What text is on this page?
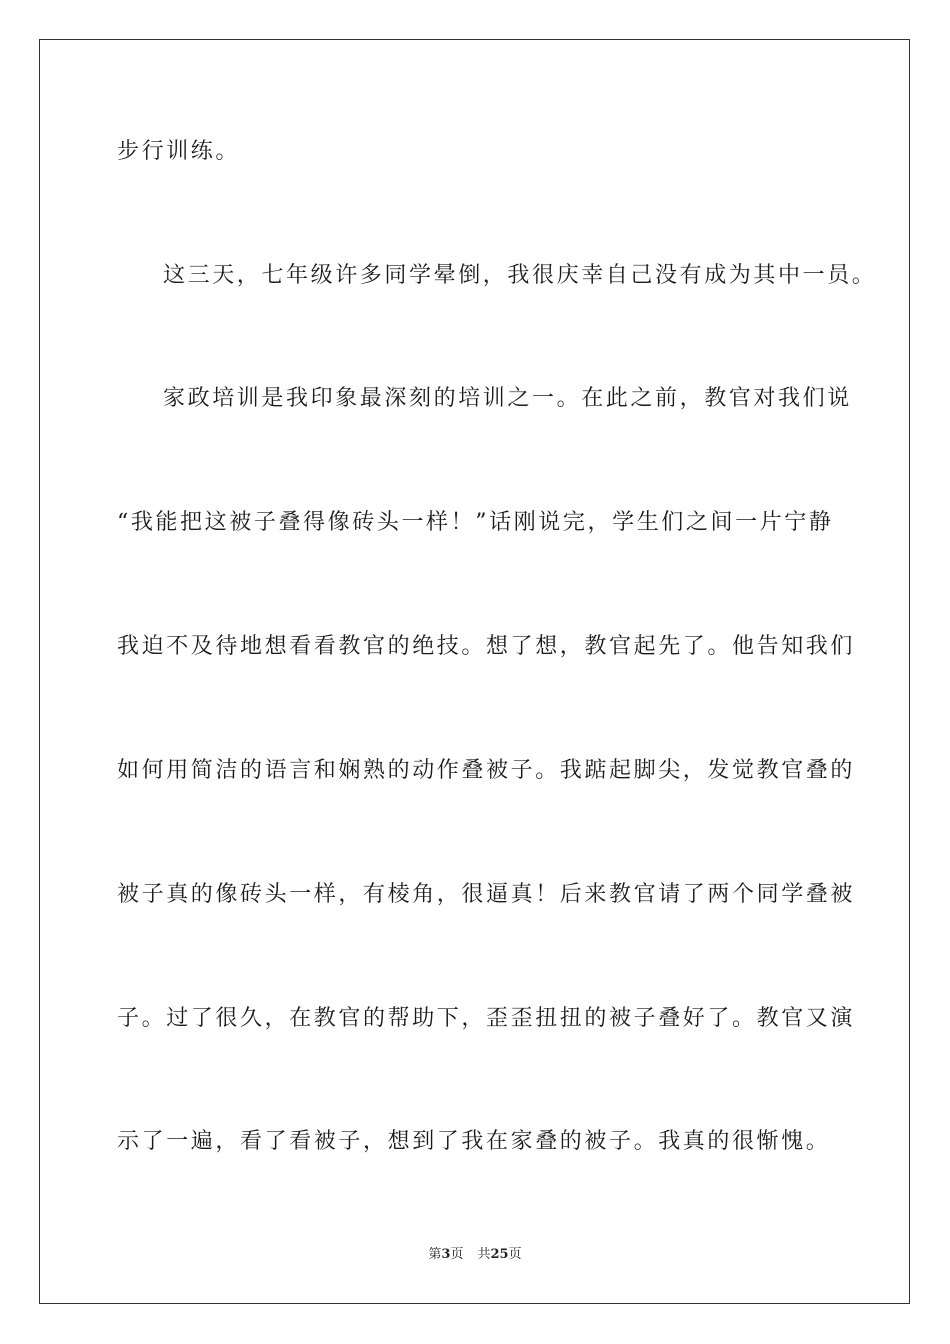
步行训练。
这三天，七年级许多同学晕倒，我很庆幸自己没有成为其中一员。
家政培训是我印象最深刻的培训之一。在此之前，教官对我们说
“我能把这被子叠得像砖头一样！”话刚说完，学生们之间一片宁静
我迫不及待地想看看教官的绝技。想了想，教官起先了。他告知我们
如何用简洁的语言和娴熟的动作叠被子。我踮起脚尖，发觉教官叠的
被子真的像砖头一样，有棱角，很逼真！后来教官请了两个同学叠被
子。过了很久，在教官的帮助下，歪歪扭扭的被子叠好了。教官又演
示了一遍，看了看被子，想到了我在家叠的被子。我真的很惭愧。
第3页 共25页
